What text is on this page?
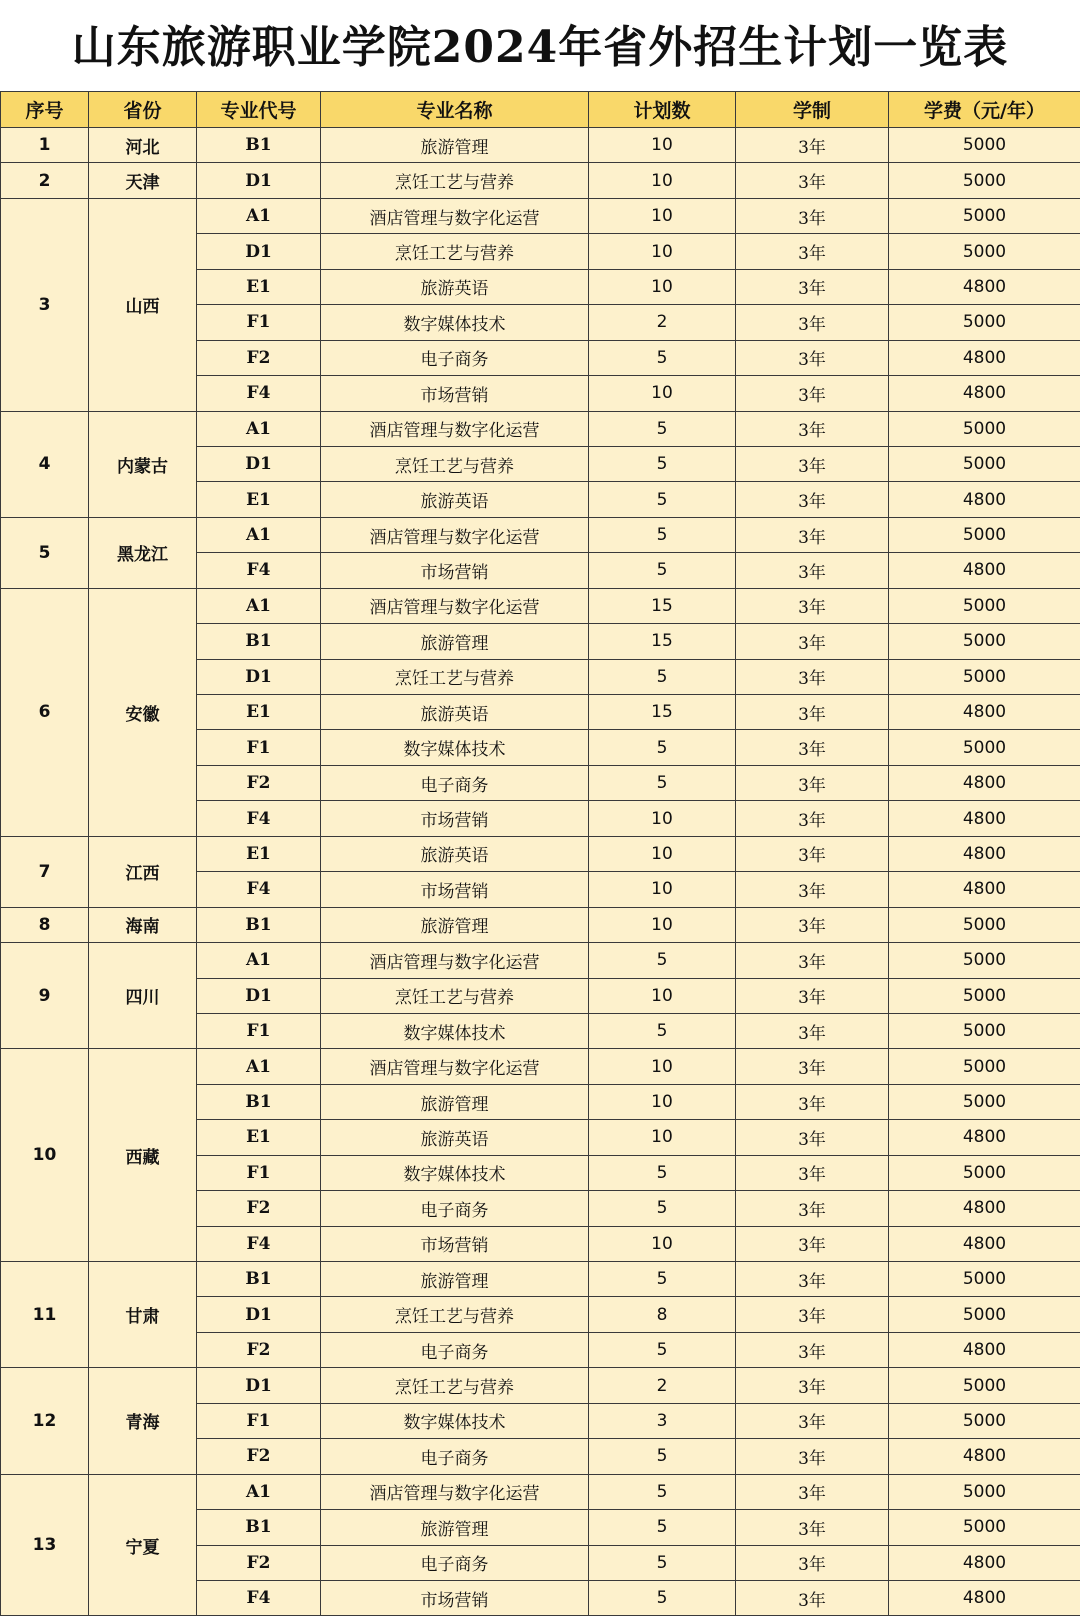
山东旅游职业学院2024年省外招生计划一览表
序号	省份	专业代号	专业名称	计划数	学制	学费（元/年）
1	河北	B1	旅游管理	10	3年	5000
2	天津	D1	烹饪工艺与营养	10	3年	5000
3	山西	A1	酒店管理与数字化运营	10	3年	5000
		D1	烹饪工艺与营养	10	3年	5000
		E1	旅游英语	10	3年	4800
		F1	数字媒体技术	2	3年	5000
		F2	电子商务	5	3年	4800
		F4	市场营销	10	3年	4800
4	内蒙古	A1	酒店管理与数字化运营	5	3年	5000
		D1	烹饪工艺与营养	5	3年	5000
		E1	旅游英语	5	3年	4800
5	黑龙江	A1	酒店管理与数字化运营	5	3年	5000
		F4	市场营销	5	3年	4800
6	安徽	A1	酒店管理与数字化运营	15	3年	5000
		B1	旅游管理	15	3年	5000
		D1	烹饪工艺与营养	5	3年	5000
		E1	旅游英语	15	3年	4800
		F1	数字媒体技术	5	3年	5000
		F2	电子商务	5	3年	4800
		F4	市场营销	10	3年	4800
7	江西	E1	旅游英语	10	3年	4800
		F4	市场营销	10	3年	4800
8	海南	B1	旅游管理	10	3年	5000
9	四川	A1	酒店管理与数字化运营	5	3年	5000
		D1	烹饪工艺与营养	10	3年	5000
		F1	数字媒体技术	5	3年	5000
10	西藏	A1	酒店管理与数字化运营	10	3年	5000
		B1	旅游管理	10	3年	5000
		E1	旅游英语	10	3年	4800
		F1	数字媒体技术	5	3年	5000
		F2	电子商务	5	3年	4800
		F4	市场营销	10	3年	4800
11	甘肃	B1	旅游管理	5	3年	5000
		D1	烹饪工艺与营养	8	3年	5000
		F2	电子商务	5	3年	4800
12	青海	D1	烹饪工艺与营养	2	3年	5000
		F1	数字媒体技术	3	3年	5000
		F2	电子商务	5	3年	4800
13	宁夏	A1	酒店管理与数字化运营	5	3年	5000
		B1	旅游管理	5	3年	5000
		F2	电子商务	5	3年	4800
		F4	市场营销	5	3年	4800
